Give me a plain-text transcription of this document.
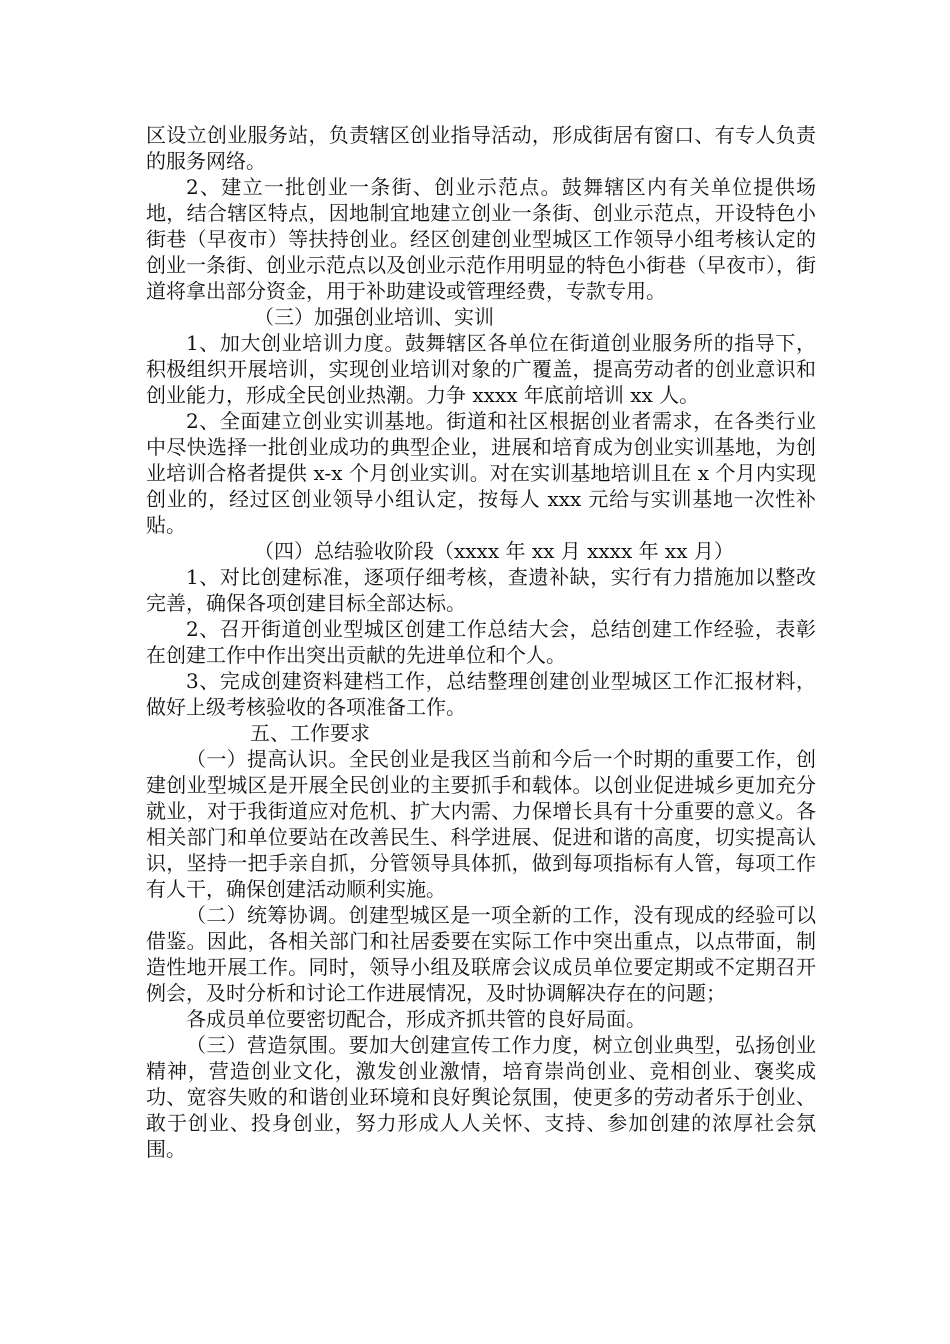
区设立创业服务站，负责辖区创业指导活动，形成街居有窗口、有专人负责的服务网络。

2、建立一批创业一条街、创业示范点。鼓舞辖区内有关单位提供场地，结合辖区特点，因地制宜地建立创业一条街、创业示范点，开设特色小街巷（早夜市）等扶持创业。经区创建创业型城区工作领导小组考核认定的创业一条街、创业示范点以及创业示范作用明显的特色小街巷（早夜市），街道将拿出部分资金，用于补助建设或管理经费，专款专用。

（三）加强创业培训、实训

1、加大创业培训力度。鼓舞辖区各单位在街道创业服务所的指导下，积极组织开展培训，实现创业培训对象的广覆盖，提高劳动者的创业意识和创业能力，形成全民创业热潮。力争 xxxx 年底前培训 xx 人。

2、全面建立创业实训基地。街道和社区根据创业者需求，在各类行业中尽快选择一批创业成功的典型企业，进展和培育成为创业实训基地，为创业培训合格者提供 x-x 个月创业实训。对在实训基地培训且在 x 个月内实现创业的，经过区创业领导小组认定，按每人 xxx 元给与实训基地一次性补贴。

（四）总结验收阶段（xxxx 年 xx 月 xxxx 年 xx 月）

1、对比创建标准，逐项仔细考核，查遗补缺，实行有力措施加以整改完善，确保各项创建目标全部达标。

2、召开街道创业型城区创建工作总结大会，总结创建工作经验，表彰在创建工作中作出突出贡献的先进单位和个人。

3、完成创建资料建档工作，总结整理创建创业型城区工作汇报材料，做好上级考核验收的各项准备工作。

五、工作要求

（一）提高认识。全民创业是我区当前和今后一个时期的重要工作，创建创业型城区是开展全民创业的主要抓手和载体。以创业促进城乡更加充分就业，对于我街道应对危机、扩大内需、力保增长具有十分重要的意义。各相关部门和单位要站在改善民生、科学进展、促进和谐的高度，切实提高认识，坚持一把手亲自抓，分管领导具体抓，做到每项指标有人管，每项工作有人干，确保创建活动顺利实施。

（二）统筹协调。创建型城区是一项全新的工作，没有现成的经验可以借鉴。因此，各相关部门和社居委要在实际工作中突出重点，以点带面，制造性地开展工作。同时，领导小组及联席会议成员单位要定期或不定期召开例会，及时分析和讨论工作进展情况，及时协调解决存在的问题；

各成员单位要密切配合，形成齐抓共管的良好局面。

（三）营造氛围。要加大创建宣传工作力度，树立创业典型，弘扬创业精神，营造创业文化，激发创业激情，培育崇尚创业、竞相创业、褒奖成功、宽容失败的和谐创业环境和良好舆论氛围，使更多的劳动者乐于创业、敢于创业、投身创业，努力形成人人关怀、支持、参加创建的浓厚社会氛围。
